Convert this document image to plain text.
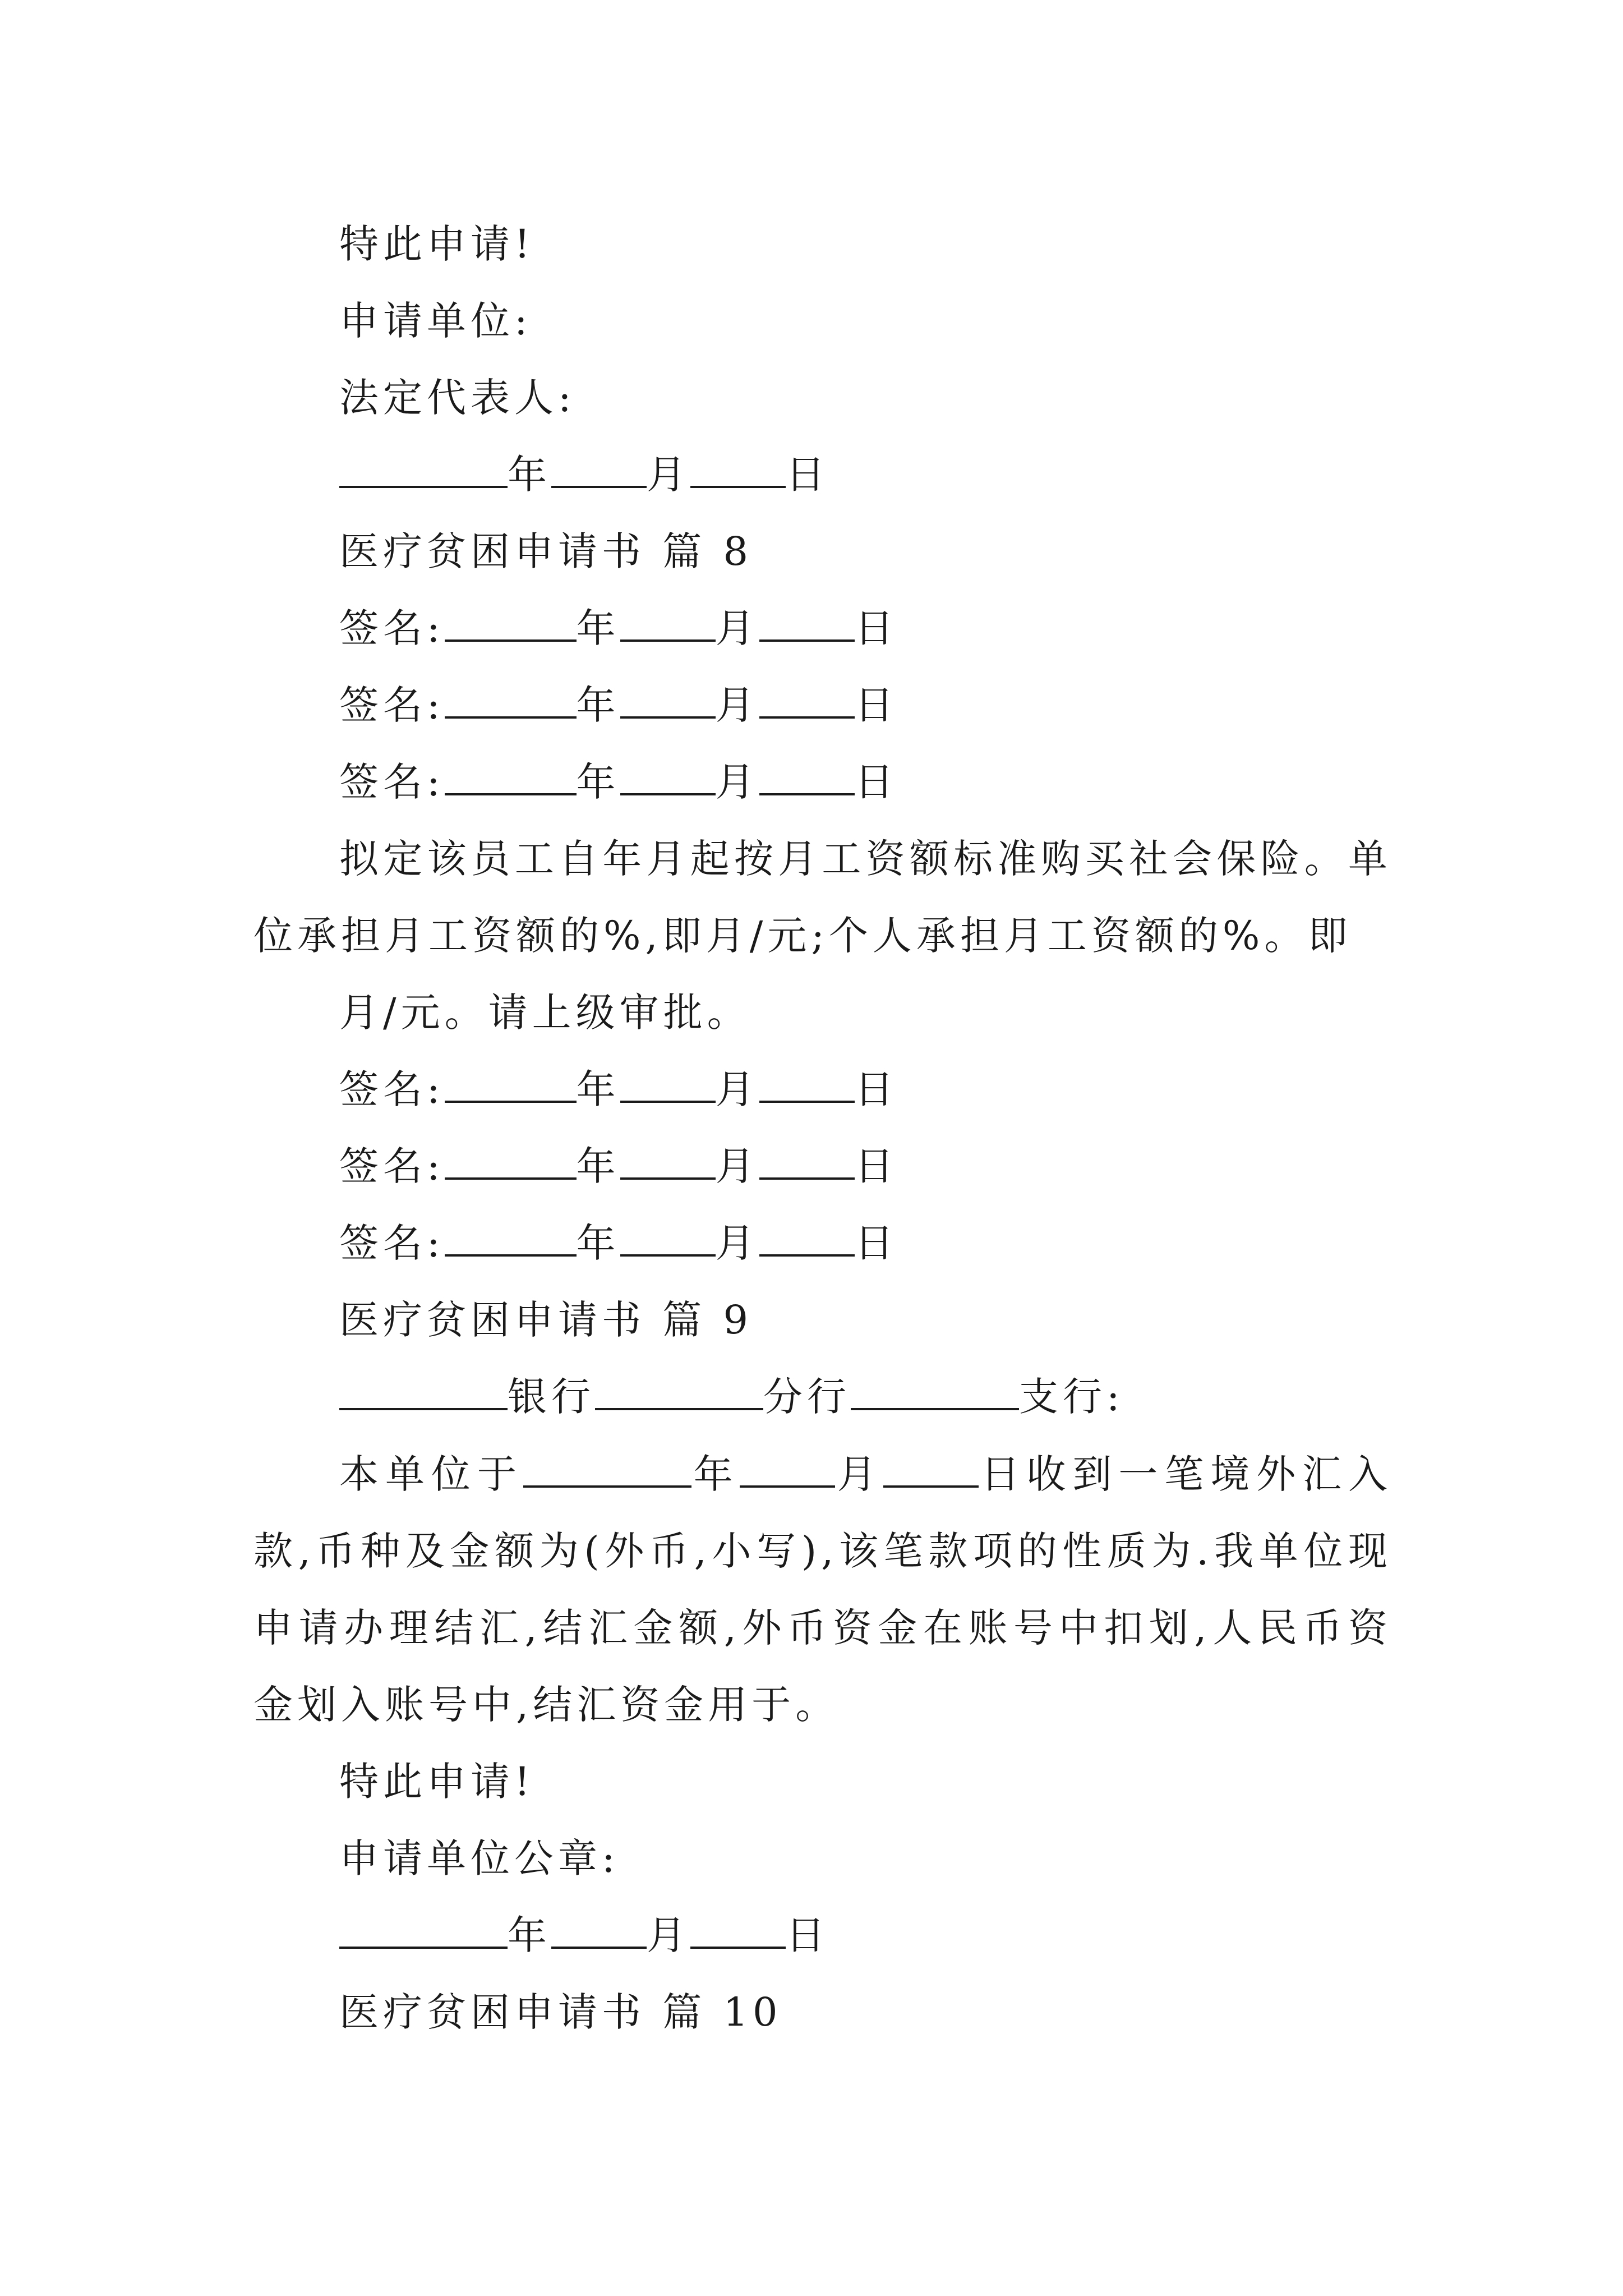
特此申请!
申请单位:
法定代表人:
年 月 日
医疗贫困申请书 篇 8
签名:	年 月 日
签名:	年 月 日
签名:	年 月 日
拟定该员工自年月起按月工资额标准购买社会保险。单位承担月工资额的%,即月/元;个人承担月工资额的%。即
月/元。请上级审批。
签名:	年 月 日
签名:	年 月 日
签名:	年 月 日
医疗贫困申请书 篇 9
银行	分行	支行:
本单位于	年 月 日收到一笔境外汇入款,币种及金额为(外币,小写),该笔款项的性质为.我单位现申请办理结汇,结汇金额,外币资金在账号中扣划,人民币资金划入账号中,结汇资金用于。
特此申请!
申请单位公章:
年 月 日
医疗贫困申请书 篇 10
